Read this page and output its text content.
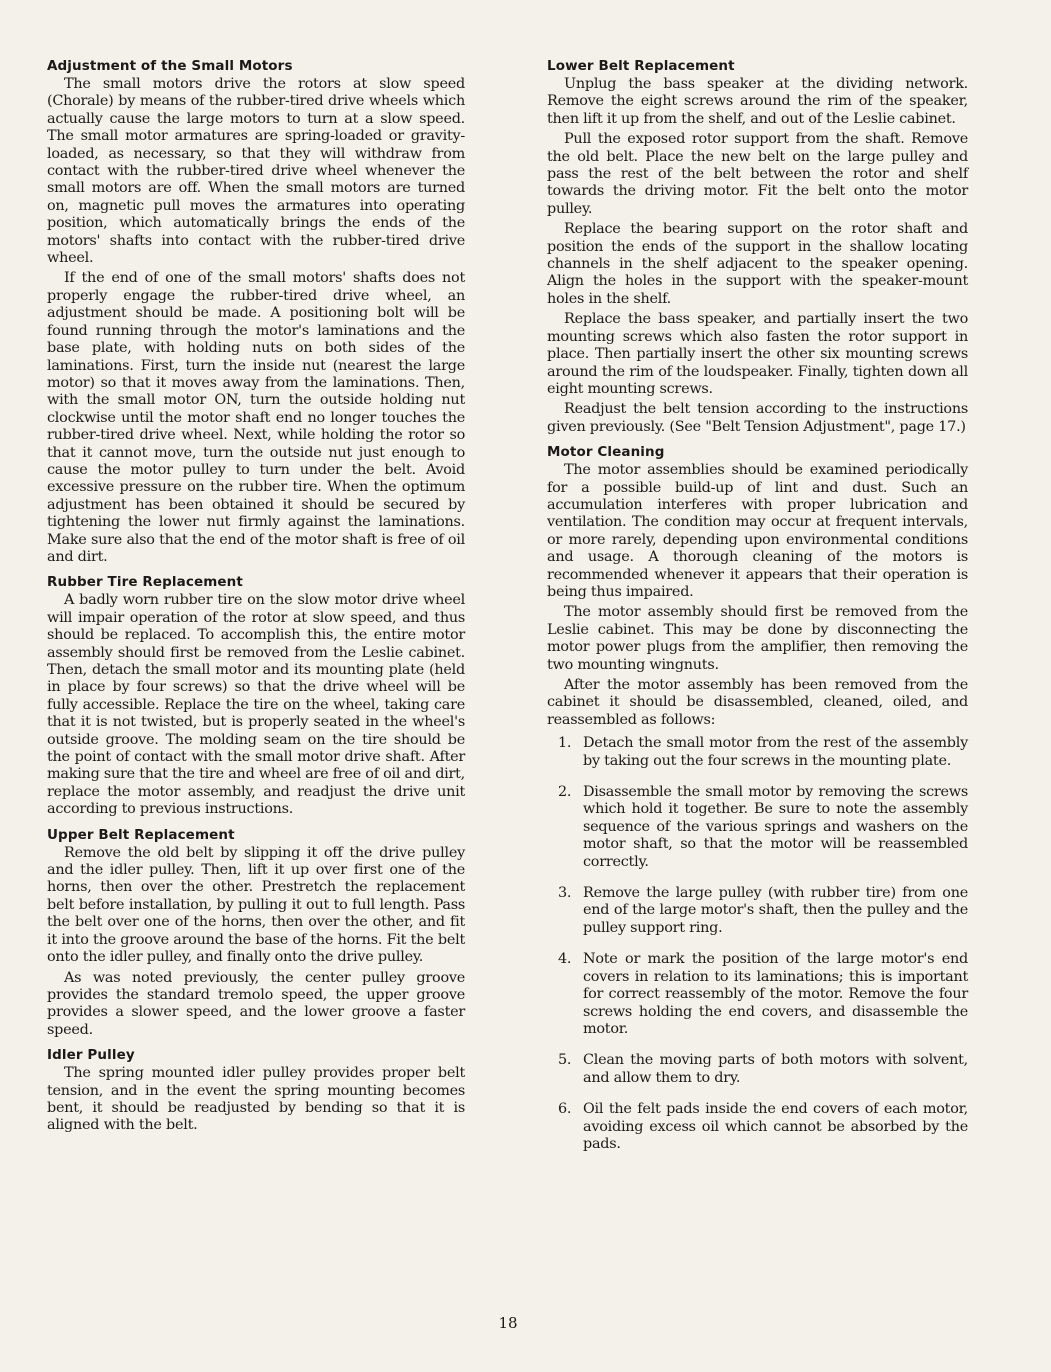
Adjustment of the Small Motors

The small motors drive the rotors at slow speed (Chorale) by means of the rubber-tired drive wheels which actually cause the large motors to turn at a slow speed. The small motor armatures are spring-loaded or gravity-loaded, as necessary, so that they will withdraw from contact with the rubber-tired drive wheel whenever the small motors are off. When the small motors are turned on, magnetic pull moves the armatures into operating position, which automatically brings the ends of the motors' shafts into contact with the rubber-tired drive wheel.

If the end of one of the small motors' shafts does not properly engage the rubber-tired drive wheel, an adjustment should be made. A positioning bolt will be found running through the motor's laminations and the base plate, with holding nuts on both sides of the laminations. First, turn the inside nut (nearest the large motor) so that it moves away from the laminations. Then, with the small motor ON, turn the outside holding nut clockwise until the motor shaft end no longer touches the rubber-tired drive wheel. Next, while holding the rotor so that it cannot move, turn the outside nut just enough to cause the motor pulley to turn under the belt. Avoid excessive pressure on the rubber tire. When the optimum adjustment has been obtained it should be secured by tightening the lower nut firmly against the laminations. Make sure also that the end of the motor shaft is free of oil and dirt.

Rubber Tire Replacement

A badly worn rubber tire on the slow motor drive wheel will impair operation of the rotor at slow speed, and thus should be replaced. To accomplish this, the entire motor assembly should first be removed from the Leslie cabinet. Then, detach the small motor and its mounting plate (held in place by four screws) so that the drive wheel will be fully accessible. Replace the tire on the wheel, taking care that it is not twisted, but is properly seated in the wheel's outside groove. The molding seam on the tire should be the point of contact with the small motor drive shaft. After making sure that the tire and wheel are free of oil and dirt, replace the motor assembly, and readjust the drive unit according to previous instructions.

Upper Belt Replacement

Remove the old belt by slipping it off the drive pulley and the idler pulley. Then, lift it up over first one of the horns, then over the other. Prestretch the replacement belt before installation, by pulling it out to full length. Pass the belt over one of the horns, then over the other, and fit it into the groove around the base of the horns. Fit the belt onto the idler pulley, and finally onto the drive pulley.

As was noted previously, the center pulley groove provides the standard tremolo speed, the upper groove provides a slower speed, and the lower groove a faster speed.

Idler Pulley

The spring mounted idler pulley provides proper belt tension, and in the event the spring mounting becomes bent, it should be readjusted by bending so that it is aligned with the belt.

Lower Belt Replacement

Unplug the bass speaker at the dividing network. Remove the eight screws around the rim of the speaker, then lift it up from the shelf, and out of the Leslie cabinet.

Pull the exposed rotor support from the shaft. Remove the old belt. Place the new belt on the large pulley and pass the rest of the belt between the rotor and shelf towards the driving motor. Fit the belt onto the motor pulley.

Replace the bearing support on the rotor shaft and position the ends of the support in the shallow locating channels in the shelf adjacent to the speaker opening. Align the holes in the support with the speaker-mount holes in the shelf.

Replace the bass speaker, and partially insert the two mounting screws which also fasten the rotor support in place. Then partially insert the other six mounting screws around the rim of the loudspeaker. Finally, tighten down all eight mounting screws.

Readjust the belt tension according to the instructions given previously. (See "Belt Tension Adjustment", page 17.)

Motor Cleaning

The motor assemblies should be examined periodically for a possible build-up of lint and dust. Such an accumulation interferes with proper lubrication and ventilation. The condition may occur at frequent intervals, or more rarely, depending upon environmental conditions and usage. A thorough cleaning of the motors is recommended whenever it appears that their operation is being thus impaired.

The motor assembly should first be removed from the Leslie cabinet. This may be done by disconnecting the motor power plugs from the amplifier, then removing the two mounting wingnuts.

After the motor assembly has been removed from the cabinet it should be disassembled, cleaned, oiled, and reassembled as follows:

1. Detach the small motor from the rest of the assembly by taking out the four screws in the mounting plate.
2. Disassemble the small motor by removing the screws which hold it together. Be sure to note the assembly sequence of the various springs and washers on the motor shaft, so that the motor will be reassembled correctly.
3. Remove the large pulley (with rubber tire) from one end of the large motor's shaft, then the pulley and the pulley support ring.
4. Note or mark the position of the large motor's end covers in relation to its laminations; this is important for correct reassembly of the motor. Remove the four screws holding the end covers, and disassemble the motor.
5. Clean the moving parts of both motors with solvent, and allow them to dry.
6. Oil the felt pads inside the end covers of each motor, avoiding excess oil which cannot be absorbed by the pads.
18
